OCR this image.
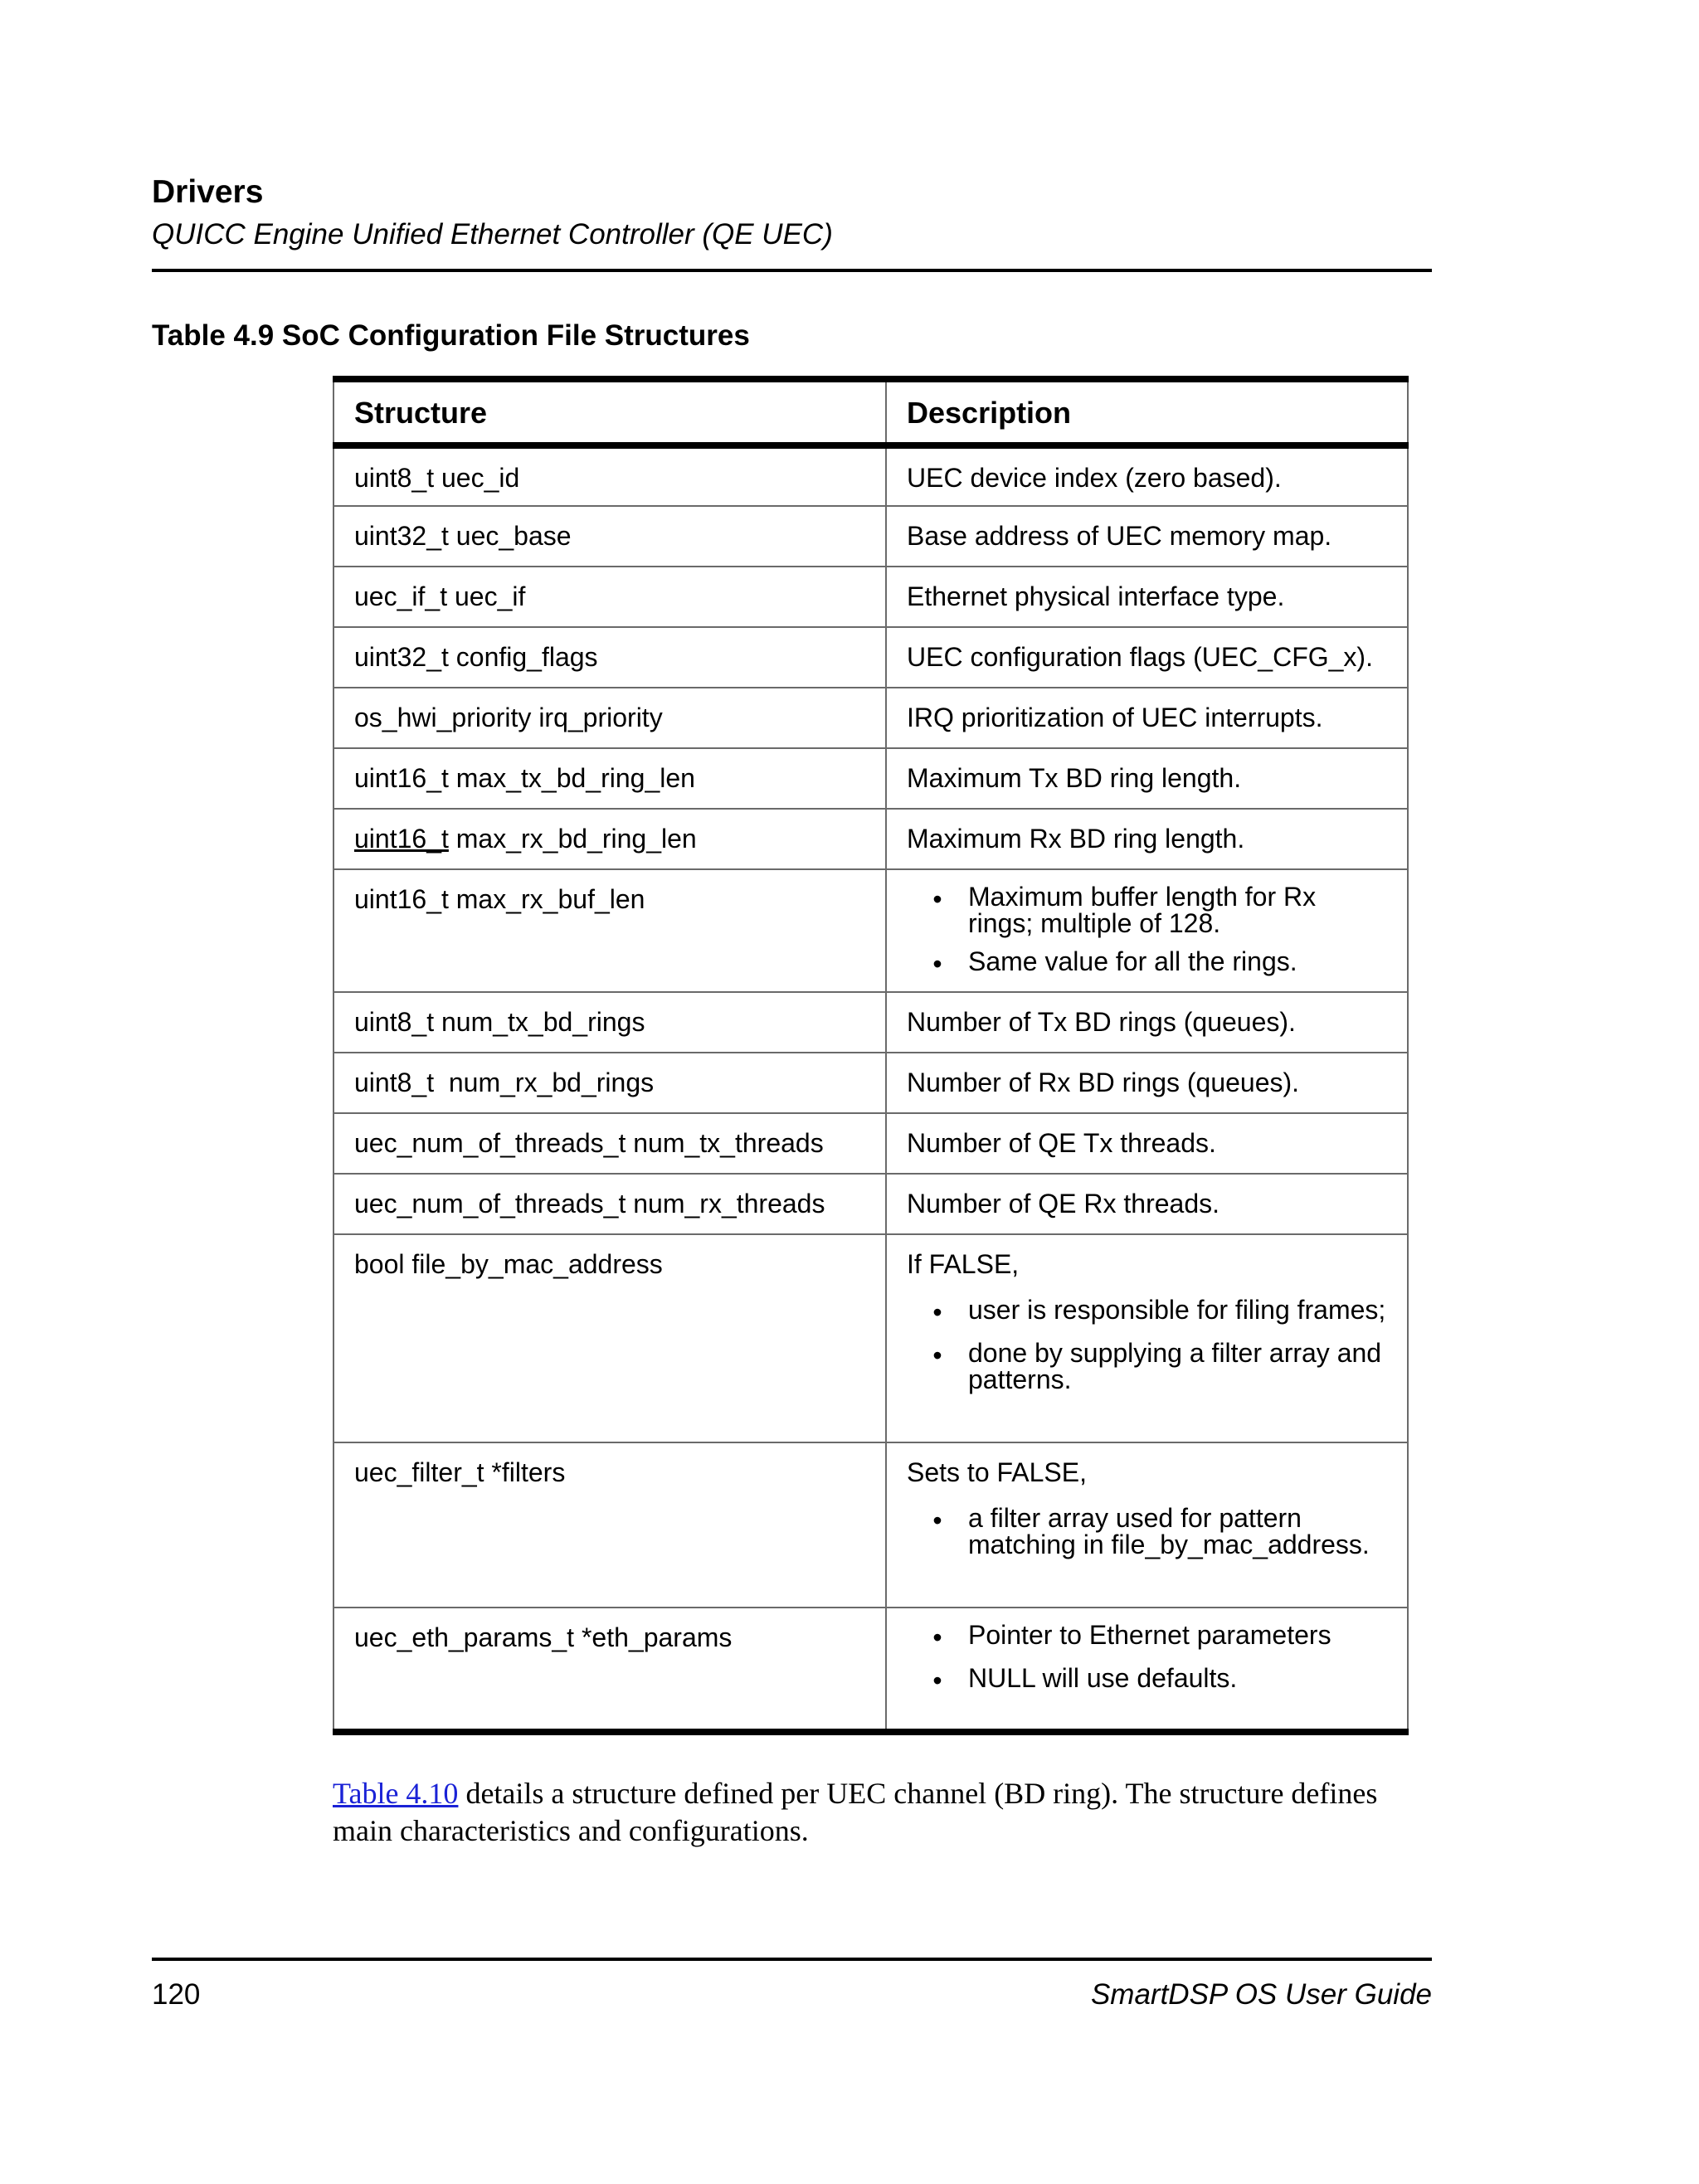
Drivers
QUICC Engine Unified Ethernet Controller (QE UEC)
Table 4.9 SoC Configuration File Structures
Structure	Description
uint8_t uec_id	UEC device index (zero based).
uint32_t uec_base	Base address of UEC memory map.
uec_if_t uec_if	Ethernet physical interface type.
uint32_t config_flags	UEC configuration flags (UEC_CFG_x).
os_hwi_priority irq_priority	IRQ prioritization of UEC interrupts.
uint16_t max_tx_bd_ring_len	Maximum Tx BD ring length.
uint16_t max_rx_bd_ring_len	Maximum Rx BD ring length.
uint16_t max_rx_buf_len	• Maximum buffer length for Rx rings; multiple of 128.
• Same value for all the rings.

uint8_t num_tx_bd_rings	Number of Tx BD rings (queues).
uint8_t  num_rx_bd_rings	Number of Rx BD rings (queues).
uec_num_of_threads_t num_tx_threads	Number of QE Tx threads.
uec_num_of_threads_t num_rx_threads	Number of QE Rx threads.
bool file_by_mac_address	If FALSE,
• user is responsible for filing frames;
• done by supplying a filter array and patterns.

uec_filter_t *filters	Sets to FALSE,
• a filter array used for pattern matching in file_by_mac_address.

uec_eth_params_t *eth_params	• Pointer to Ethernet parameters
• NULL will use defaults.

Table 4.10 details a structure defined per UEC channel (BD ring). The structure defines main characteristics and configurations.

120	SmartDSP OS User Guide
